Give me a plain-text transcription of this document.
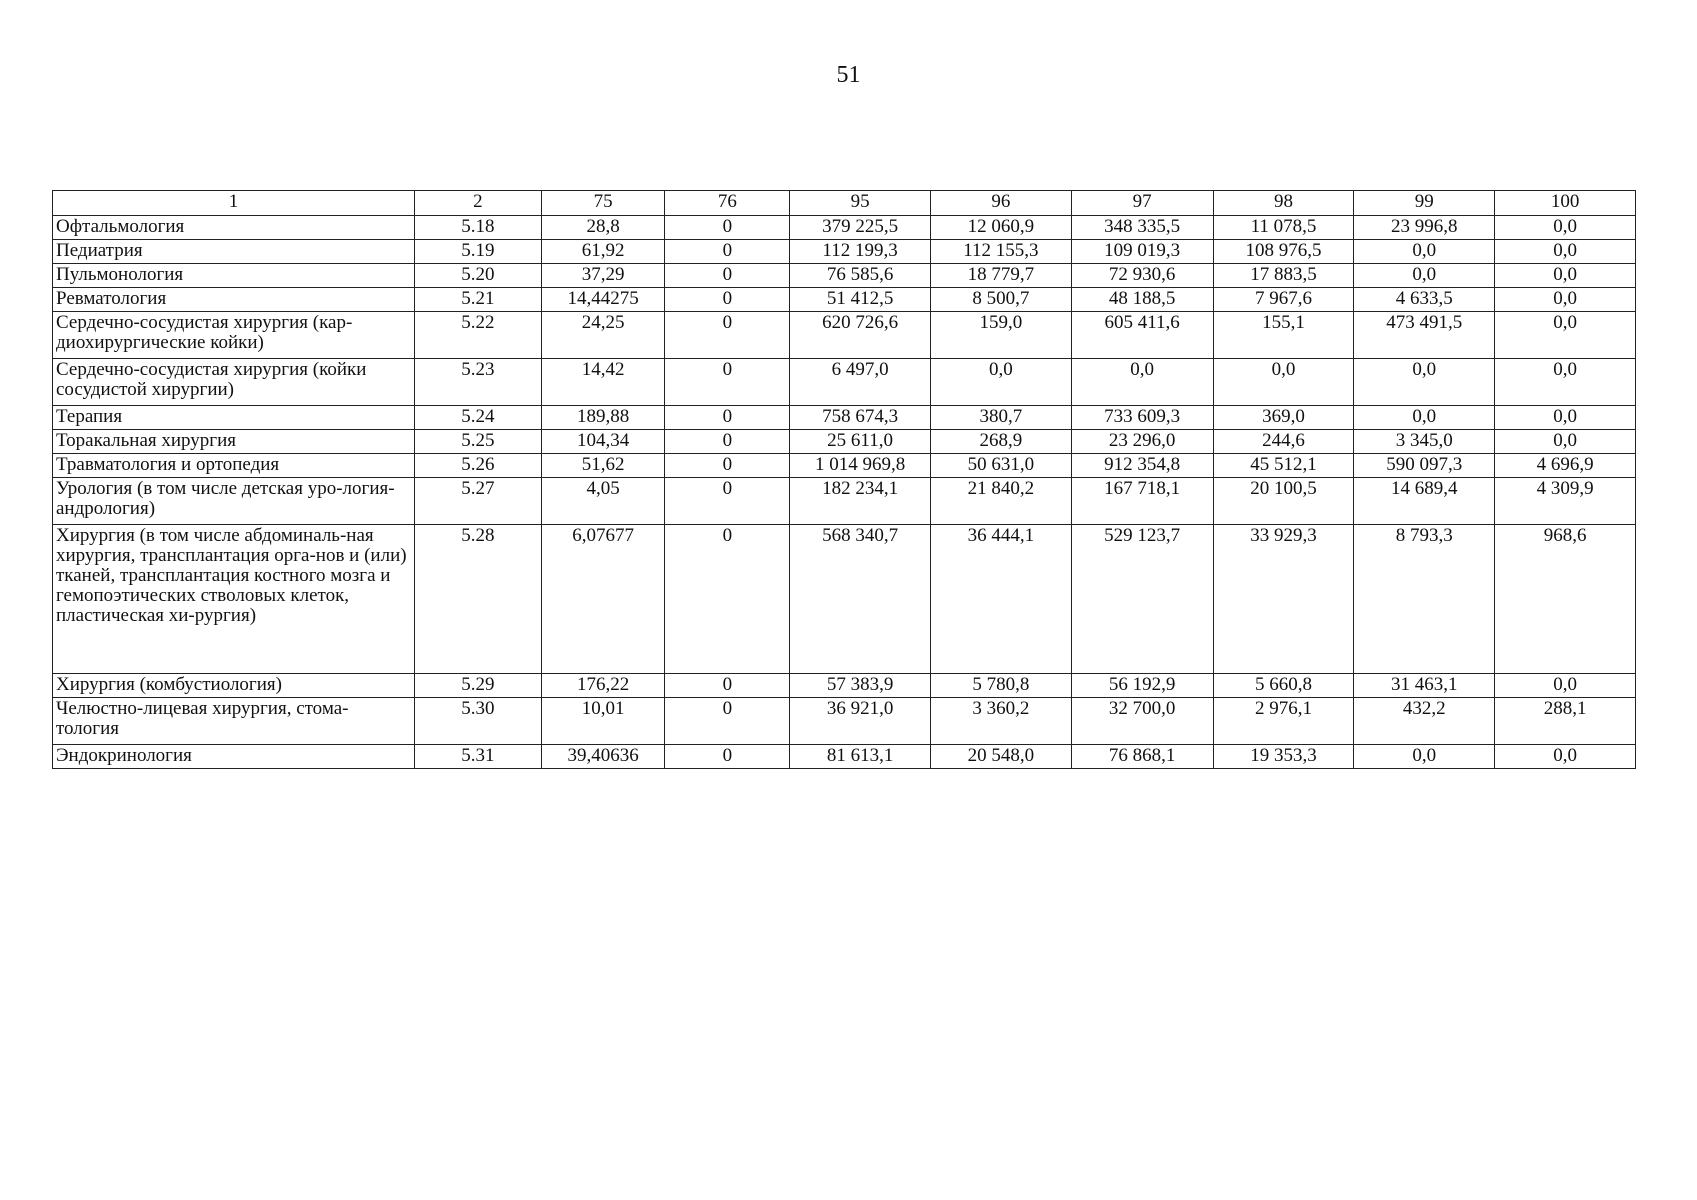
51
1	2	75	76	95	96	97	98	99	100
Офтальмология	5.18	28,8	0	379 225,5	12 060,9	348 335,5	11 078,5	23 996,8	0,0
Педиатрия	5.19	61,92	0	112 199,3	112 155,3	109 019,3	108 976,5	0,0	0,0
Пульмонология	5.20	37,29	0	76 585,6	18 779,7	72 930,6	17 883,5	0,0	0,0
Ревматология	5.21	14,44275	0	51 412,5	8 500,7	48 188,5	7 967,6	4 633,5	0,0
Сердечно-сосудистая хирургия (кар-диохирургические койки)	5.22	24,25	0	620 726,6	159,0	605 411,6	155,1	473 491,5	0,0
Сердечно-сосудистая хирургия (койки сосудистой хирургии)	5.23	14,42	0	6 497,0	0,0	0,0	0,0	0,0	0,0
Терапия	5.24	189,88	0	758 674,3	380,7	733 609,3	369,0	0,0	0,0
Торакальная хирургия	5.25	104,34	0	25 611,0	268,9	23 296,0	244,6	3 345,0	0,0
Травматология и ортопедия	5.26	51,62	0	1 014 969,8	50 631,0	912 354,8	45 512,1	590 097,3	4 696,9
Урология (в том числе детская уро-логия-андрология)	5.27	4,05	0	182 234,1	21 840,2	167 718,1	20 100,5	14 689,4	4 309,9
Хирургия (в том числе абдоминаль-ная хирургия, трансплантация орга-нов и (или) тканей, трансплантация костного мозга и гемопоэтических стволовых клеток, пластическая хи-рургия)	5.28	6,07677	0	568 340,7	36 444,1	529 123,7	33 929,3	8 793,3	968,6
Хирургия (комбустиология)	5.29	176,22	0	57 383,9	5 780,8	56 192,9	5 660,8	31 463,1	0,0
Челюстно-лицевая хирургия, стома-тология	5.30	10,01	0	36 921,0	3 360,2	32 700,0	2 976,1	432,2	288,1
Эндокринология	5.31	39,40636	0	81 613,1	20 548,0	76 868,1	19 353,3	0,0	0,0
